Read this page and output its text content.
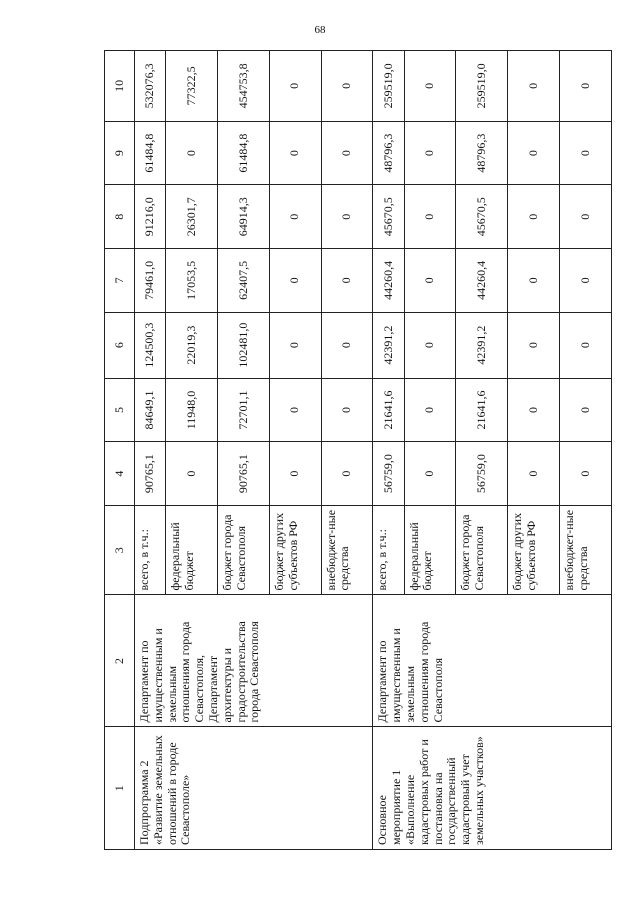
68
1	2	3	4	5	6	7	8	9	10
Подпрограмма 2 «Развитие земельных отношений в городе Севастополе»	Департамент по имущественным и земельным отношениям города Севастополя, Департамент архитектуры и градостроительства города Севастополя	всего, в т.ч.:	90765,1	84649,1	124500,3	79461,0	91216,0	61484,8	532076,3
		федеральный бюджет	0	11948,0	22019,3	17053,5	26301,7	0	77322,5
		бюджет города Севастополя	90765,1	72701,1	102481,0	62407,5	64914,3	61484,8	454753,8
		бюджет других субъектов РФ	0	0	0	0	0	0	0
		внебюджет-ные средства	0	0	0	0	0	0	0
Основное мероприятие 1 «Выполнение кадастровых работ и постановка на государственный кадастровый учет земельных участков»	Департамент по имущественным и земельным отношениям города Севастополя	всего, в т.ч.:	56759,0	21641,6	42391,2	44260,4	45670,5	48796,3	259519,0
		федеральный бюджет	0	0	0	0	0	0	0
		бюджет города Севастополя	56759,0	21641,6	42391,2	44260,4	45670,5	48796,3	259519,0
		бюджет других субъектов РФ	0	0	0	0	0	0	0
		внебюджет-ные средства	0	0	0	0	0	0	0
